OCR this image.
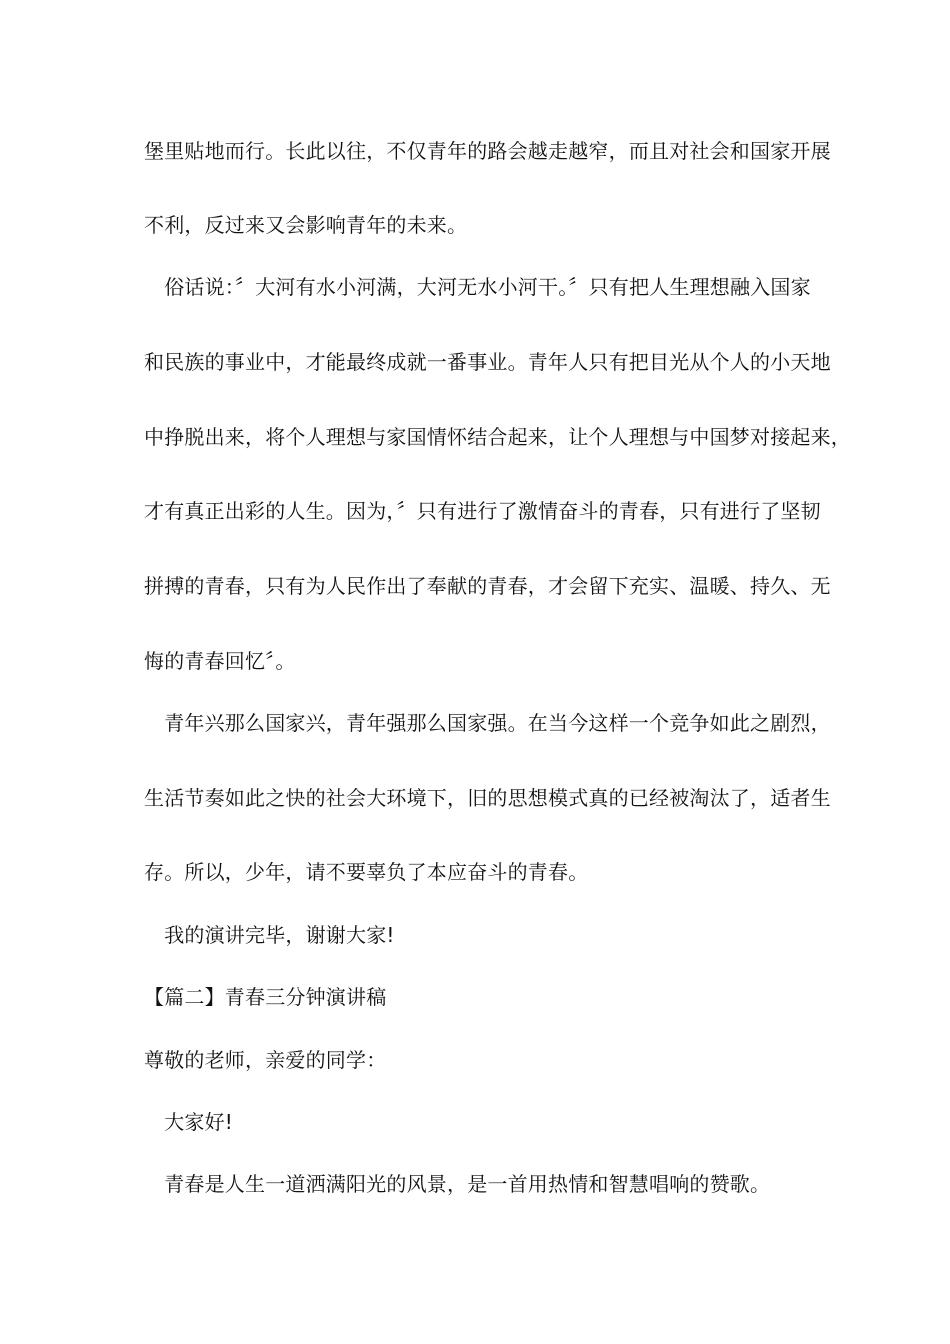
堡里贴地而行。长此以往，不仅青年的路会越走越窄，而且对社会和国家开展
不利，反过来又会影响青年的未来。
　俗话说：〞大河有水小河满，大河无水小河干。〞只有把人生理想融入国家
和民族的事业中，才能最终成就一番事业。青年人只有把目光从个人的小天地
中挣脱出来，将个人理想与家国情怀结合起来，让个人理想与中国梦对接起来，
才有真正出彩的人生。因为，〞只有进行了激情奋斗的青春，只有进行了坚韧
拼搏的青春，只有为人民作出了奉献的青春，才会留下充实、温暖、持久、无
悔的青春回忆〞。
　青年兴那么国家兴，青年强那么国家强。在当今这样一个竞争如此之剧烈，
生活节奏如此之快的社会大环境下，旧的思想模式真的已经被淘汰了，适者生
存。所以，少年，请不要辜负了本应奋斗的青春。
　我的演讲完毕，谢谢大家!
【篇二】青春三分钟演讲稿
尊敬的老师，亲爱的同学：
　大家好!
　青春是人生一道洒满阳光的风景，是一首用热情和智慧唱响的赞歌。
